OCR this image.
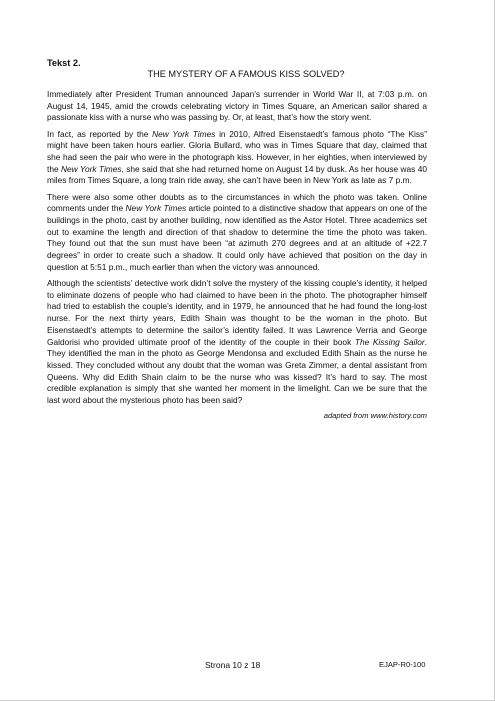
Tekst 2.

THE MYSTERY OF A FAMOUS KISS SOLVED?

Immediately after President Truman announced Japan’s surrender in World War II, at 7:03 p.m. on August 14, 1945, amid the crowds celebrating victory in Times Square, an American sailor shared a passionate kiss with a nurse who was passing by. Or, at least, that’s how the story went.

In fact, as reported by the New York Times in 2010, Alfred Eisenstaedt’s famous photo “The Kiss” might have been taken hours earlier. Gloria Bullard, who was in Times Square that day, claimed that she had seen the pair who were in the photograph kiss. However, in her eighties, when interviewed by the New York Times, she said that she had returned home on August 14 by dusk. As her house was 40 miles from Times Square, a long train ride away, she can’t have been in New York as late as 7 p.m.

There were also some other doubts as to the circumstances in which the photo was taken. Online comments under the New York Times article pointed to a distinctive shadow that appears on one of the buildings in the photo, cast by another building, now identified as the Astor Hotel. Three academics set out to examine the length and direction of that shadow to determine the time the photo was taken. They found out that the sun must have been “at azimuth 270 degrees and at an altitude of +22.7 degrees” in order to create such a shadow. It could only have achieved that position on the day in question at 5:51 p.m., much earlier than when the victory was announced.

Although the scientists’ detective work didn’t solve the mystery of the kissing couple’s identity, it helped to eliminate dozens of people who had claimed to have been in the photo. The photographer himself had tried to establish the couple’s identity, and in 1979, he announced that he had found the long-lost nurse. For the next thirty years, Edith Shain was thought to be the woman in the photo. But Eisenstaedt’s attempts to determine the sailor’s identity failed. It was Lawrence Verria and George Galdorisi who provided ultimate proof of the identity of the couple in their book The Kissing Sailor. They identified the man in the photo as George Mendonsa and excluded Edith Shain as the nurse he kissed. They concluded without any doubt that the woman was Greta Zimmer, a dental assistant from Queens. Why did Edith Shain claim to be the nurse who was kissed? It’s hard to say. The most credible explanation is simply that she wanted her moment in the limelight. Can we be sure that the last word about the mysterious photo has been said?

adapted from www.history.com
Strona 10 z 18	EJAP-R0-100
